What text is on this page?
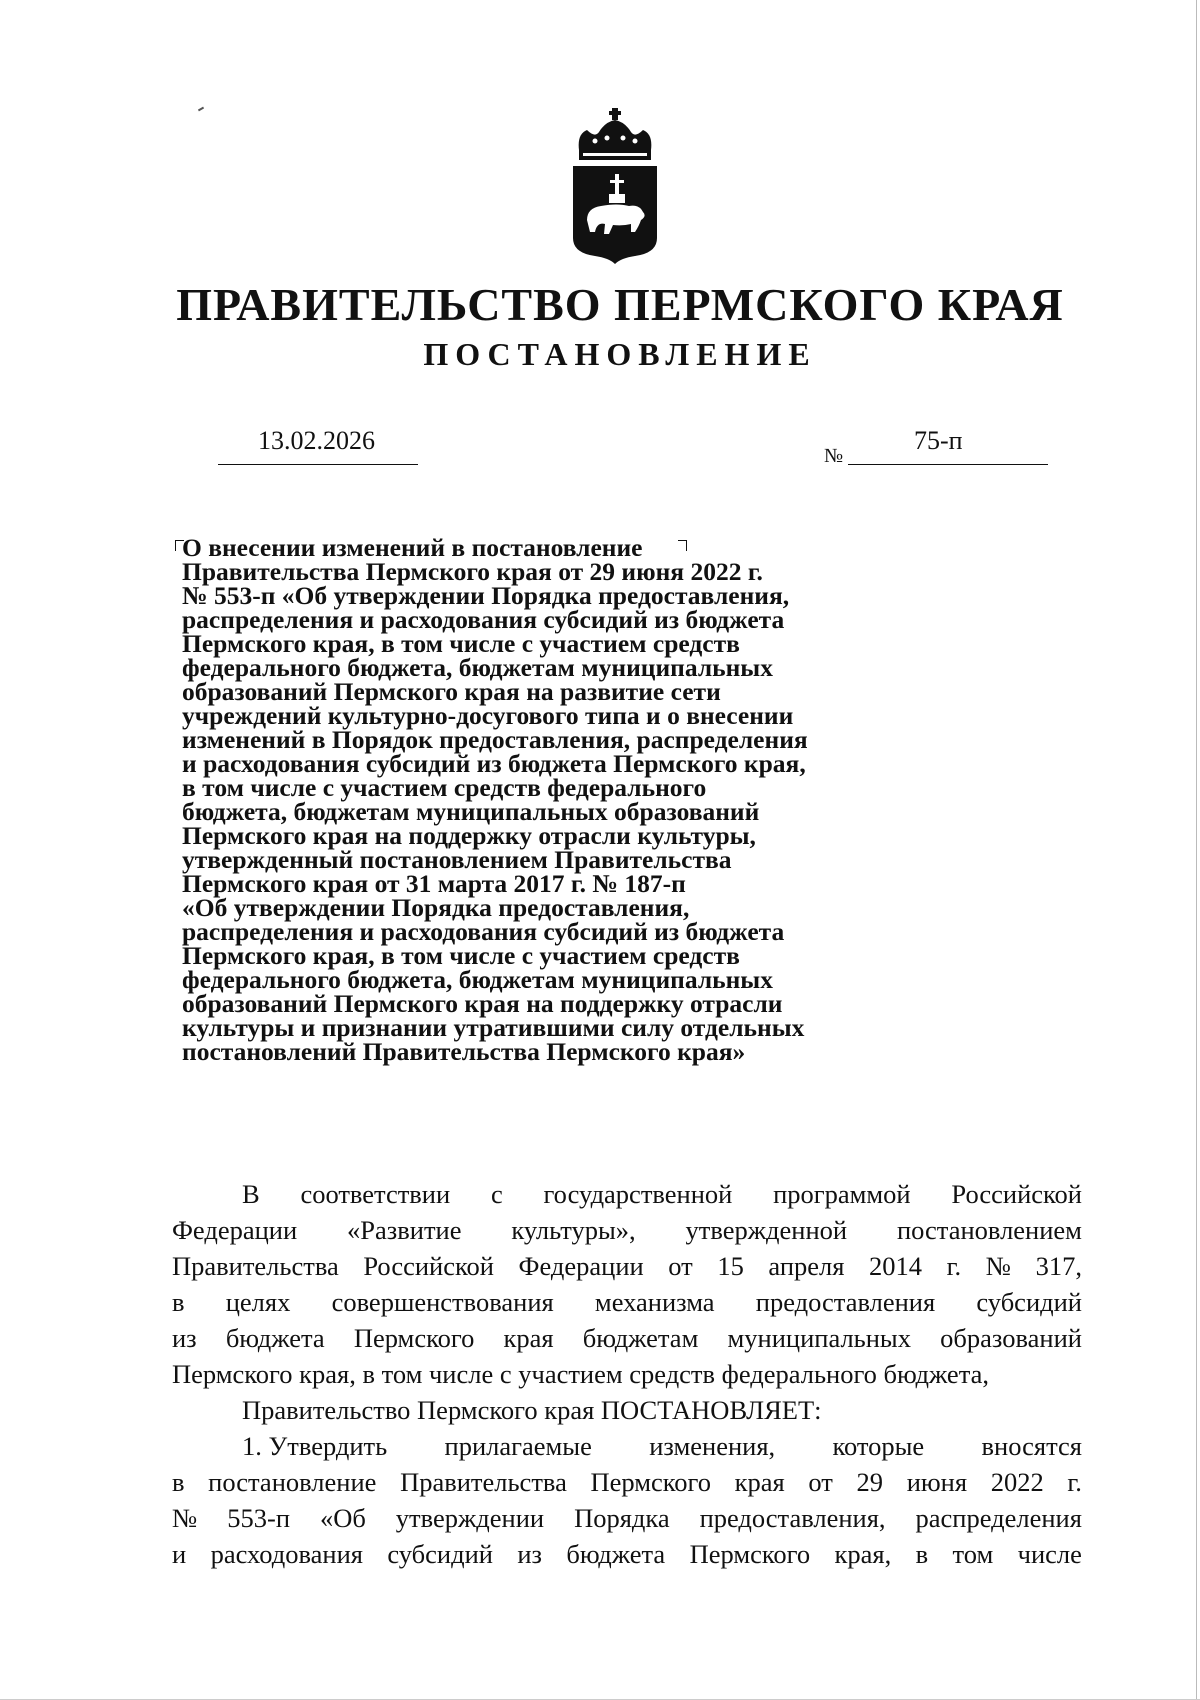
ПРАВИТЕЛЬСТВО ПЕРМСКОГО КРАЯ
ПОСТАНОВЛЕНИЕ
13.02.2026
№
75-п
О внесении изменений в постановление
Правительства Пермского края от 29 июня 2022 г.
№ 553-п «Об утверждении Порядка предоставления,
распределения и расходования субсидий из бюджета
Пермского края, в том числе с участием средств
федерального бюджета, бюджетам муниципальных
образований Пермского края на развитие сети
учреждений культурно-досугового типа и о внесении
изменений в Порядок предоставления, распределения
и расходования субсидий из бюджета Пермского края,
в том числе с участием средств федерального
бюджета, бюджетам муниципальных образований
Пермского края на поддержку отрасли культуры,
утвержденный постановлением Правительства
Пермского края от 31 марта 2017 г. № 187-п
«Об утверждении Порядка предоставления,
распределения и расходования субсидий из бюджета
Пермского края, в том числе с участием средств
федерального бюджета, бюджетам муниципальных
образований Пермского края на поддержку отрасли
культуры и признании утратившими силу отдельных
постановлений Правительства Пермского края»
В соответствии с государственной программой Российской
Федерации «Развитие культуры», утвержденной постановлением
Правительства Российской Федерации от 15 апреля 2014 г. № 317,
в целях совершенствования механизма предоставления субсидий
из бюджета Пермского края бюджетам муниципальных образований
Пермского края, в том числе с участием средств федерального бюджета,
Правительство Пермского края ПОСТАНОВЛЯЕТ:
1. Утвердить прилагаемые изменения, которые вносятся
в постановление Правительства Пермского края от 29 июня 2022 г.
№ 553-п «Об утверждении Порядка предоставления, распределения
и расходования субсидий из бюджета Пермского края, в том числе
